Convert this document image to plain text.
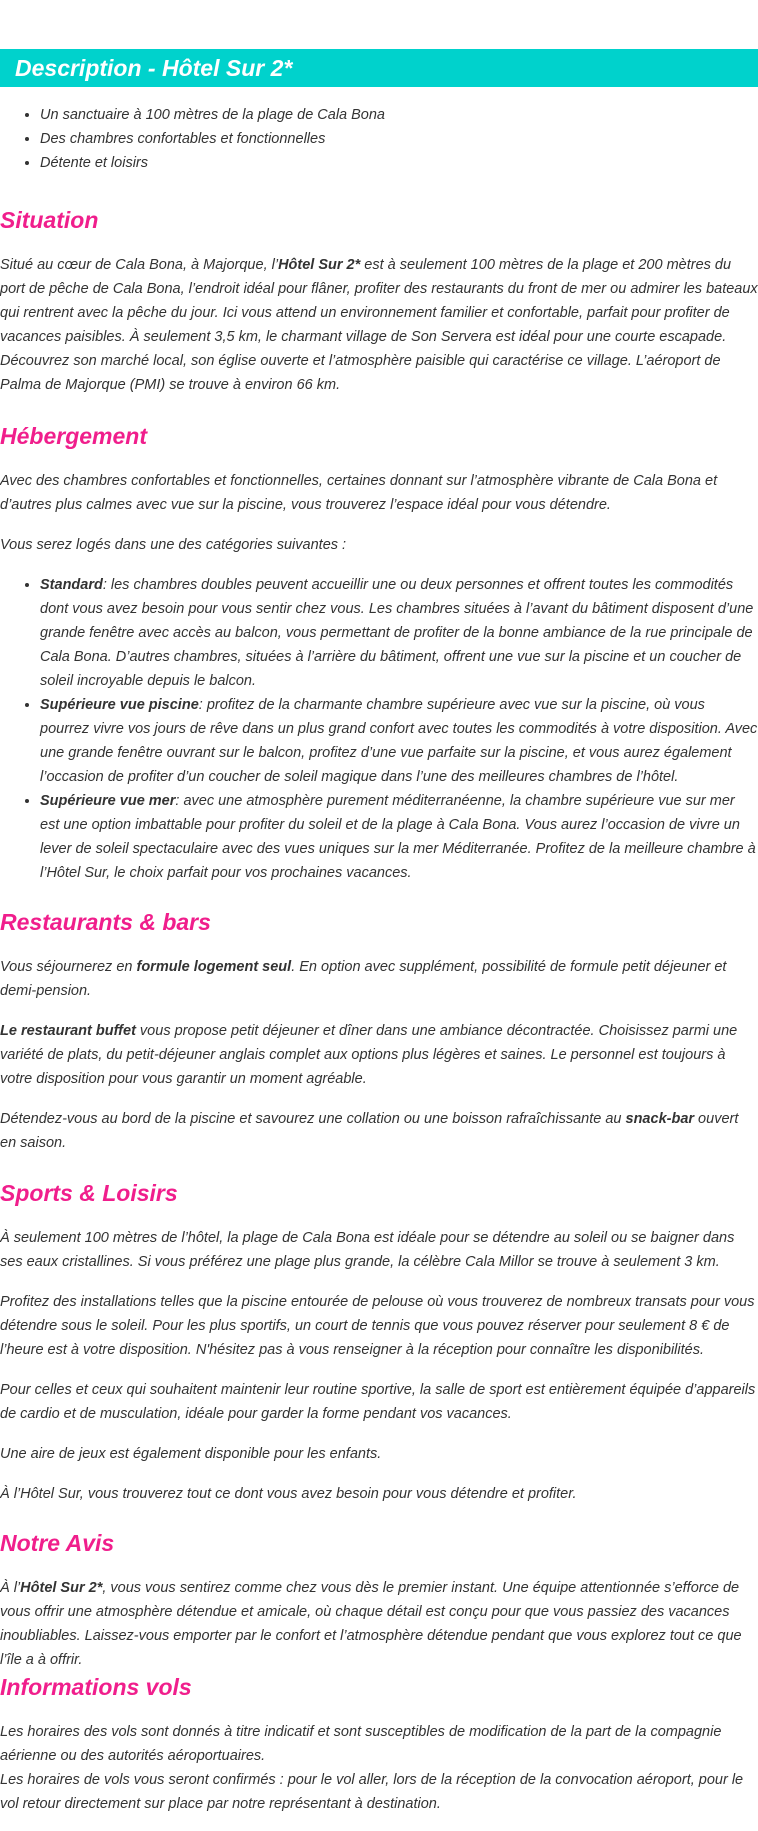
Description - Hôtel Sur 2*
• Un sanctuaire à 100 mètres de la plage de Cala Bona
• Des chambres confortables et fonctionnelles
• Détente et loisirs
Situation

Situé au cœur de Cala Bona, à Majorque, l’Hôtel Sur 2* est à seulement 100 mètres de la plage et 200 mètres du port de pêche de Cala Bona, l’endroit idéal pour flâner, profiter des restaurants du front de mer ou admirer les bateaux qui rentrent avec la pêche du jour. Ici vous attend un environnement familier et confortable, parfait pour profiter de vacances paisibles. À seulement 3,5 km, le charmant village de Son Servera est idéal pour une courte escapade. Découvrez son marché local, son église ouverte et l’atmosphère paisible qui caractérise ce village. L’aéroport de Palma de Majorque (PMI) se trouve à environ 66 km.

Hébergement

Avec des chambres confortables et fonctionnelles, certaines donnant sur l’atmosphère vibrante de Cala Bona et d’autres plus calmes avec vue sur la piscine, vous trouverez l’espace idéal pour vous détendre.

Vous serez logés dans une des catégories suivantes :

• Standard: les chambres doubles peuvent accueillir une ou deux personnes et offrent toutes les commodités dont vous avez besoin pour vous sentir chez vous. Les chambres situées à l’avant du bâtiment disposent d’une grande fenêtre avec accès au balcon, vous permettant de profiter de la bonne ambiance de la rue principale de Cala Bona. D’autres chambres, situées à l’arrière du bâtiment, offrent une vue sur la piscine et un coucher de soleil incroyable depuis le balcon.
• Supérieure vue piscine: profitez de la charmante chambre supérieure avec vue sur la piscine, où vous pourrez vivre vos jours de rêve dans un plus grand confort avec toutes les commodités à votre disposition. Avec une grande fenêtre ouvrant sur le balcon, profitez d’une vue parfaite sur la piscine, et vous aurez également l’occasion de profiter d’un coucher de soleil magique dans l’une des meilleures chambres de l’hôtel.
• Supérieure vue mer: avec une atmosphère purement méditerranéenne, la chambre supérieure vue sur mer est une option imbattable pour profiter du soleil et de la plage à Cala Bona. Vous aurez l’occasion de vivre un lever de soleil spectaculaire avec des vues uniques sur la mer Méditerranée. Profitez de la meilleure chambre à l’Hôtel Sur, le choix parfait pour vos prochaines vacances.
Restaurants & bars

Vous séjournerez en formule logement seul. En option avec supplément, possibilité de formule petit déjeuner et demi-pension.

Le restaurant buffet vous propose petit déjeuner et dîner dans une ambiance décontractée. Choisissez parmi une variété de plats, du petit-déjeuner anglais complet aux options plus légères et saines. Le personnel est toujours à votre disposition pour vous garantir un moment agréable.

Détendez-vous au bord de la piscine et savourez une collation ou une boisson rafraîchissante au snack-bar ouvert en saison.

Sports & Loisirs

À seulement 100 mètres de l’hôtel, la plage de Cala Bona est idéale pour se détendre au soleil ou se baigner dans ses eaux cristallines. Si vous préférez une plage plus grande, la célèbre Cala Millor se trouve à seulement 3 km.

Profitez des installations telles que la piscine entourée de pelouse où vous trouverez de nombreux transats pour vous détendre sous le soleil. Pour les plus sportifs, un court de tennis que vous pouvez réserver pour seulement 8 € de l’heure est à votre disposition. N'hésitez pas à vous renseigner à la réception pour connaître les disponibilités.

Pour celles et ceux qui souhaitent maintenir leur routine sportive, la salle de sport est entièrement équipée d’appareils de cardio et de musculation, idéale pour garder la forme pendant vos vacances.

Une aire de jeux est également disponible pour les enfants.

À l’Hôtel Sur, vous trouverez tout ce dont vous avez besoin pour vous détendre et profiter.

Notre Avis

À l’Hôtel Sur 2*, vous vous sentirez comme chez vous dès le premier instant. Une équipe attentionnée s’efforce de vous offrir une atmosphère détendue et amicale, où chaque détail est conçu pour que vous passiez des vacances inoubliables. Laissez-vous emporter par le confort et l’atmosphère détendue pendant que vous explorez tout ce que l’île a à offrir.

Informations vols

Les horaires des vols sont donnés à titre indicatif et sont susceptibles de modification de la part de la compagnie aérienne ou des autorités aéroportuaires.
Les horaires de vols vous seront confirmés : pour le vol aller, lors de la réception de la convocation aéroport, pour le vol retour directement sur place par notre représentant à destination.
